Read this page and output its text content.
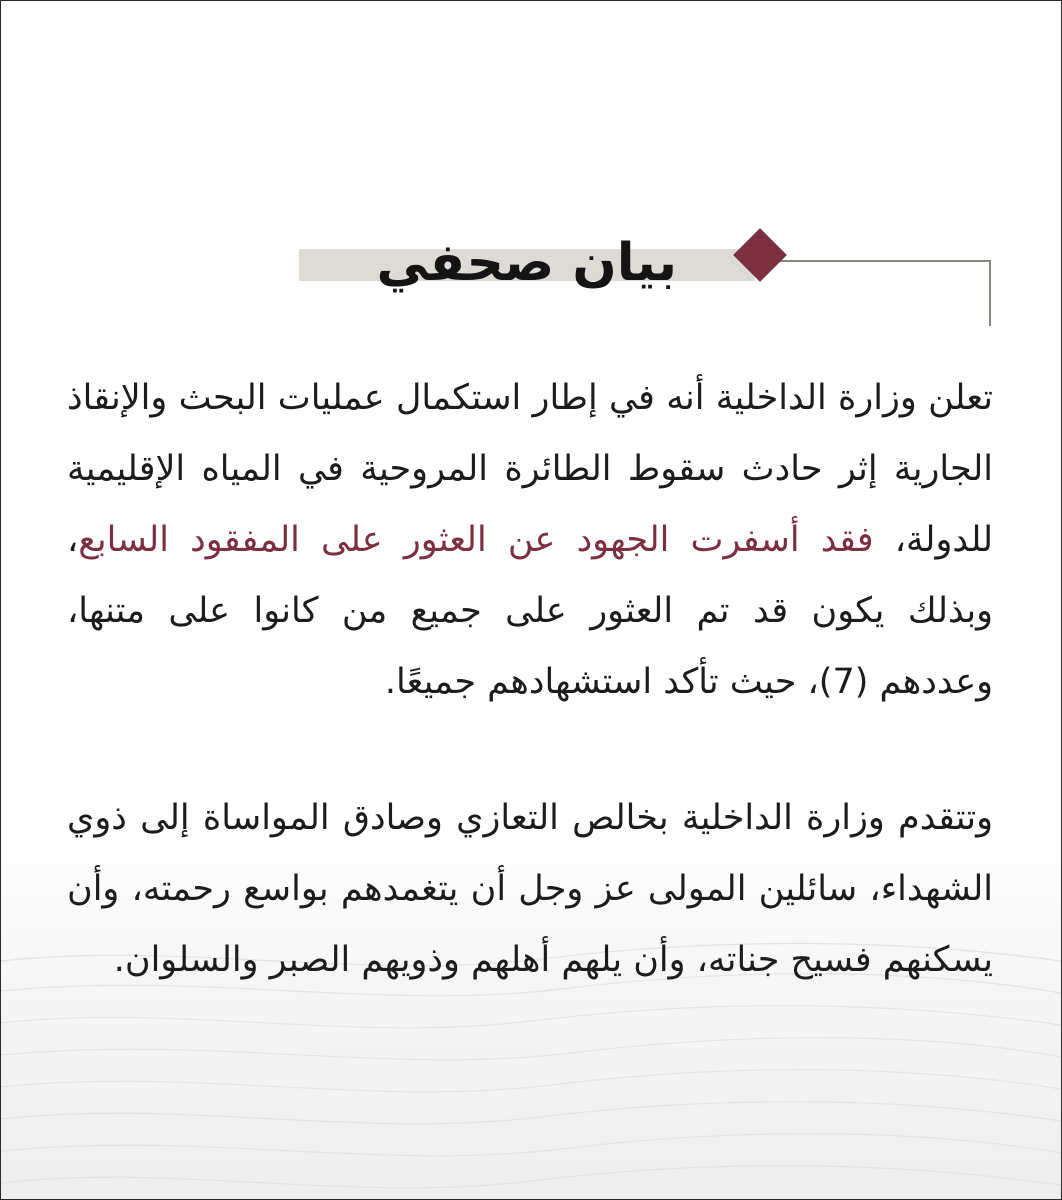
بيان صحفي

تعلن وزارة الداخلية أنه في إطار استكمال عمليات البحث والإنقاذ الجارية إثر حادث سقوط الطائرة المروحية في المياه الإقليمية للدولة، فقد أسفرت الجهود عن العثور على المفقود السابع، وبذلك يكون قد تم العثور على جميع من كانوا على متنها، وعددهم (7)، حيث تأكد استشهادهم جميعًا.

وتتقدم وزارة الداخلية بخالص التعازي وصادق المواساة إلى ذوي الشهداء، سائلين المولى عز وجل أن يتغمدهم بواسع رحمته، وأن يسكنهم فسيح جناته، وأن يلهم أهلهم وذويهم الصبر والسلوان.
